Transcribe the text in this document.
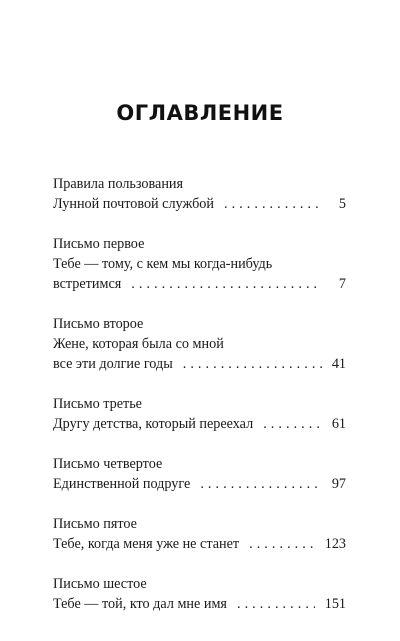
ОГЛАВЛЕНИЕ
Правила пользования
Лунной почтовой службой . . .	5
Письмо первое
Тебе — тому, с кем мы когда-нибудь
встретимся . . .	7
Письмо второе
Жене, которая была со мной
все эти долгие годы . . .	41
Письмо третье
Другу детства, который переехал . . .	61
Письмо четвертое
Единственной подруге . . .	97
Письмо пятое
Тебе, когда меня уже не станет . . .	123
Письмо шестое
Тебе — той, кто дал мне имя . . .	151
